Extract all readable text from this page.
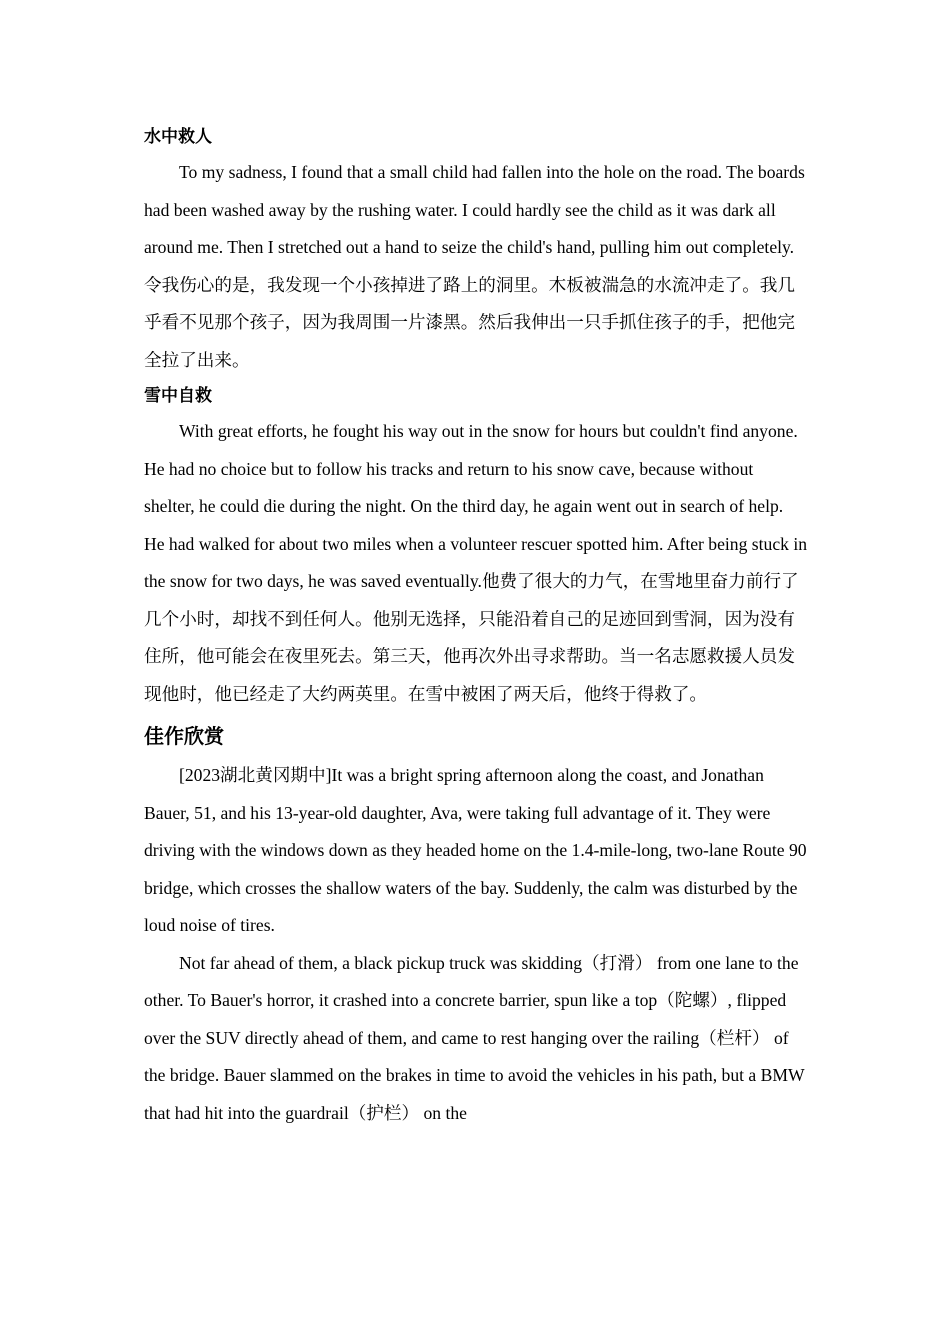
水中救人

To my sadness, I found that a small child had fallen into the hole on the road. The boards had been washed away by the rushing water. I could hardly see the child as it was dark all around me. Then I stretched out a hand to seize the child's hand, pulling him out completely. 令我伤心的是，我发现一个小孩掉进了路上的洞里。木板被湍急的水流冲走了。我几乎看不见那个孩子，因为我周围一片漆黑。然后我伸出一只手抓住孩子的手，把他完全拉了出来。

雪中自救

With great efforts, he fought his way out in the snow for hours but couldn't find anyone. He had no choice but to follow his tracks and return to his snow cave, because without shelter, he could die during the night. On the third day, he again went out in search of help. He had walked for about two miles when a volunteer rescuer spotted him. After being stuck in the snow for two days, he was saved eventually.他费了很大的力气，在雪地里奋力前行了几个小时，却找不到任何人。他别无选择，只能沿着自己的足迹回到雪洞，因为没有住所，他可能会在夜里死去。第三天，他再次外出寻求帮助。当一名志愿救援人员发现他时，他已经走了大约两英里。在雪中被困了两天后，他终于得救了。

佳作欣赏

[2023湖北黄冈期中]It was a bright spring afternoon along the coast, and Jonathan Bauer, 51, and his 13-year-old daughter, Ava, were taking full advantage of it. They were driving with the windows down as they headed home on the 1.4-mile-long, two-lane Route 90 bridge, which crosses the shallow waters of the bay. Suddenly, the calm was disturbed by the loud noise of tires.

Not far ahead of them, a black pickup truck was skidding（打滑） from one lane to the other. To Bauer's horror, it crashed into a concrete barrier, spun like a top（陀螺）, flipped over the SUV directly ahead of them, and came to rest hanging over the railing（栏杆） of the bridge. Bauer slammed on the brakes in time to avoid the vehicles in his path, but a BMW that had hit into the guardrail（护栏） on the
